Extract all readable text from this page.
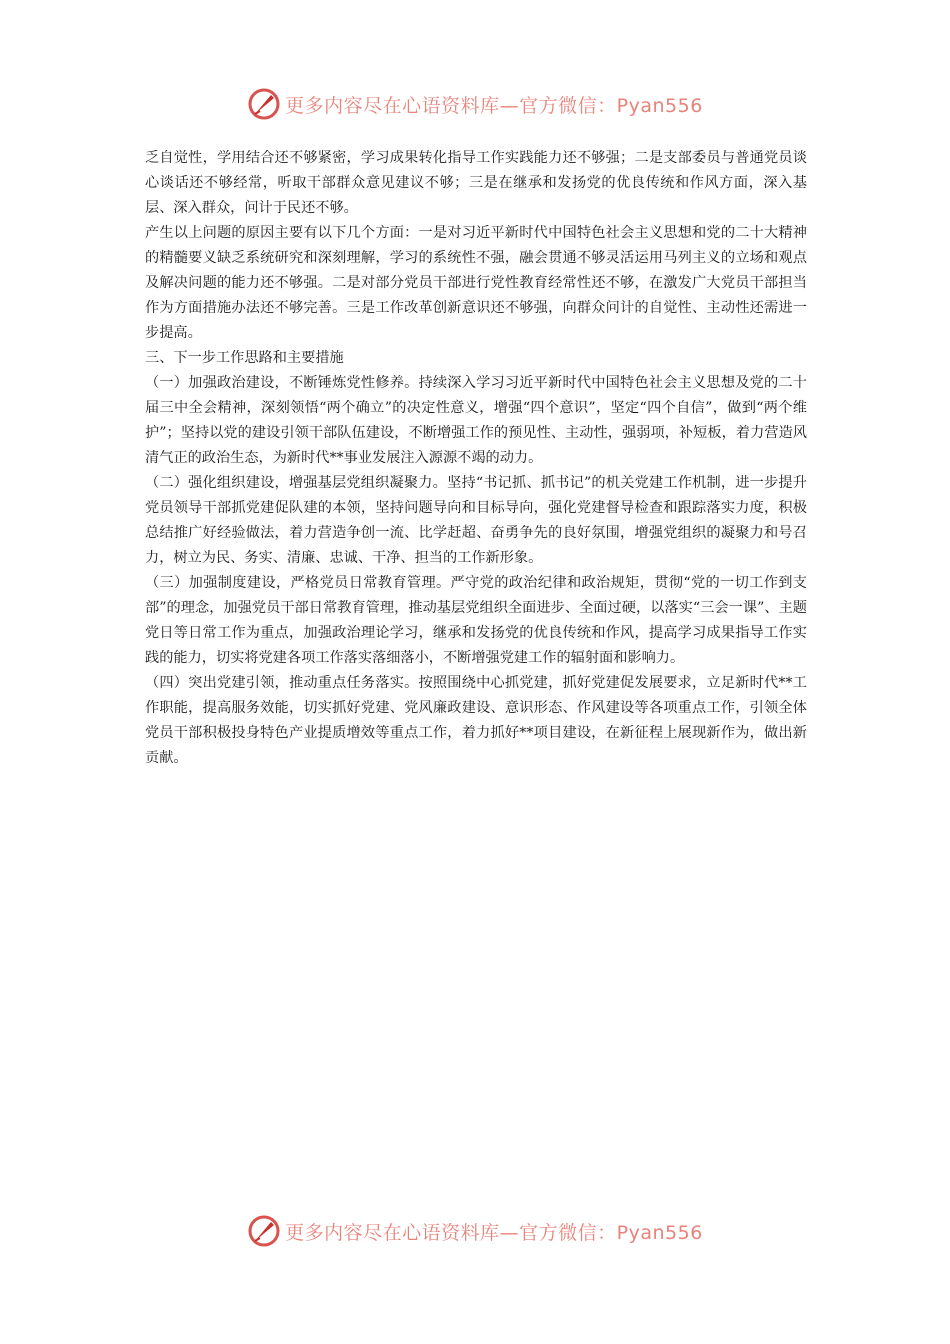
更多内容尽在心语资料库—官方微信：Pyan556

乏自觉性，学用结合还不够紧密，学习成果转化指导工作实践能力还不够强；二是支部委员与普通党员谈心谈话还不够经常，听取干部群众意见建议不够；三是在继承和发扬党的优良传统和作风方面，深入基层、深入群众，问计于民还不够。

产生以上问题的原因主要有以下几个方面：一是对习近平新时代中国特色社会主义思想和党的二十大精神的精髓要义缺乏系统研究和深刻理解，学习的系统性不强，融会贯通不够灵活运用马列主义的立场和观点及解决问题的能力还不够强。二是对部分党员干部进行党性教育经常性还不够，在激发广大党员干部担当作为方面措施办法还不够完善。三是工作改革创新意识还不够强，向群众问计的自觉性、主动性还需进一步提高。

三、下一步工作思路和主要措施

（一）加强政治建设，不断锤炼党性修养。持续深入学习习近平新时代中国特色社会主义思想及党的二十届三中全会精神，深刻领悟“两个确立”的决定性意义，增强“四个意识”，坚定“四个自信”，做到“两个维护”；坚持以党的建设引领干部队伍建设，不断增强工作的预见性、主动性，强弱项，补短板，着力营造风清气正的政治生态，为新时代**事业发展注入源源不竭的动力。

（二）强化组织建设，增强基层党组织凝聚力。坚持“书记抓、抓书记”的机关党建工作机制，进一步提升党员领导干部抓党建促队建的本领，坚持问题导向和目标导向，强化党建督导检查和跟踪落实力度，积极总结推广好经验做法，着力营造争创一流、比学赶超、奋勇争先的良好氛围，增强党组织的凝聚力和号召力，树立为民、务实、清廉、忠诚、干净、担当的工作新形象。

（三）加强制度建设，严格党员日常教育管理。严守党的政治纪律和政治规矩，贯彻“党的一切工作到支部”的理念，加强党员干部日常教育管理，推动基层党组织全面进步、全面过硬，以落实“三会一课”、主题党日等日常工作为重点，加强政治理论学习，继承和发扬党的优良传统和作风，提高学习成果指导工作实践的能力，切实将党建各项工作落实落细落小，不断增强党建工作的辐射面和影响力。

（四）突出党建引领，推动重点任务落实。按照围绕中心抓党建，抓好党建促发展要求，立足新时代**工作职能，提高服务效能，切实抓好党建、党风廉政建设、意识形态、作风建设等各项重点工作，引领全体党员干部积极投身特色产业提质增效等重点工作，着力抓好**项目建设，在新征程上展现新作为，做出新贡献。

更多内容尽在心语资料库—官方微信：Pyan556
